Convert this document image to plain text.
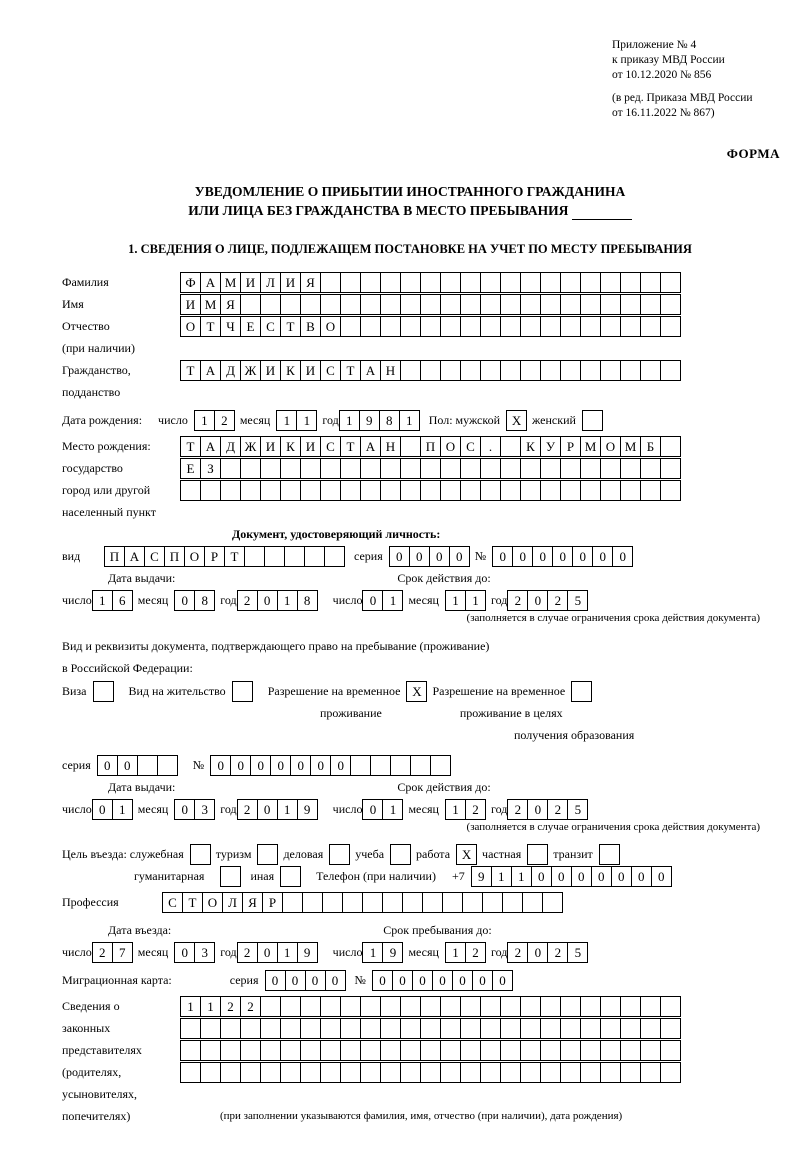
Приложение № 4
к приказу МВД России
от 10.12.2020 № 856
(в ред. Приказа МВД России
от 16.11.2022 № 867)
ФОРМА
УВЕДОМЛЕНИЕ О ПРИБЫТИИ ИНОСТРАННОГО ГРАЖДАНИНА
ИЛИ ЛИЦА БЕЗ ГРАЖДАНСТВА В МЕСТО ПРЕБЫВАНИЯ
1. СВЕДЕНИЯ О ЛИЦЕ, ПОДЛЕЖАЩЕМ ПОСТАНОВКЕ НА УЧЕТ ПО МЕСТУ ПРЕБЫВАНИЯ
Фамилия	Ф А М И Л И Я
Имя	И М Я
Отчество	О Т Ч Е С Т В О
(при наличии)
Гражданство,	Т А Д Ж И К И С Т А Н
подданство
Дата рождения: число	1	2	месяц	1	1	год 1	9	8	1	Пол: мужской X женский
Место рождения:	Т А Д Ж И К И С Т А Н	П О С	.	К У Р М О М Б
государство	Е З
город или другой
населенный пункт
Документ, удостоверяющий личность:
вид	П А С П О Р Т	серия	0	0	0	0	№	0	0	0	0	0	0	0
Дата выдачи:	Срок действия до:
число 1	6	месяц	0	8	год 2	0	1	8	число 0	1	месяц	1	1	год 2	0	2	5
(заполняется в случае ограничения срока действия документа)
Вид и реквизиты документа, подтверждающего право на пребывание (проживание)
в Российской Федерации:
Виза	Вид на жительство	Разрешение на временное X Разрешение на временное
проживание	проживание в целях
получения образования
серия	0	0	№	0	0	0	0	0	0	0
Дата выдачи:	Срок действия до:
число 0	1	месяц	0	3	год 2	0	1	9	число 0	1	месяц	1	2	год 2	0	2	5
(заполняется в случае ограничения срока действия документа)
Цель въезда: служебная	туризм	деловая	учеба	работа X частная	транзит
гуманитарная	иная	Телефон (при наличии) +7	9	1	1	0	0	0	0	0	0	0
Профессия	С Т О Л Я Р
Дата въезда:	Срок пребывания до:
число 2	7	месяц	0	3	год 2	0	1	9	число 1	9	месяц	1	2	год 2	0	2	5
Миграционная карта:	серия	0	0	0	0	№	0	0	0	0	0	0	0
Сведения о	1	1	2	2
законных
представителях
(родителях,
усыновителях,
попечителях)	(при заполнении указываются фамилия, имя, отчество (при наличии), дата рождения)
